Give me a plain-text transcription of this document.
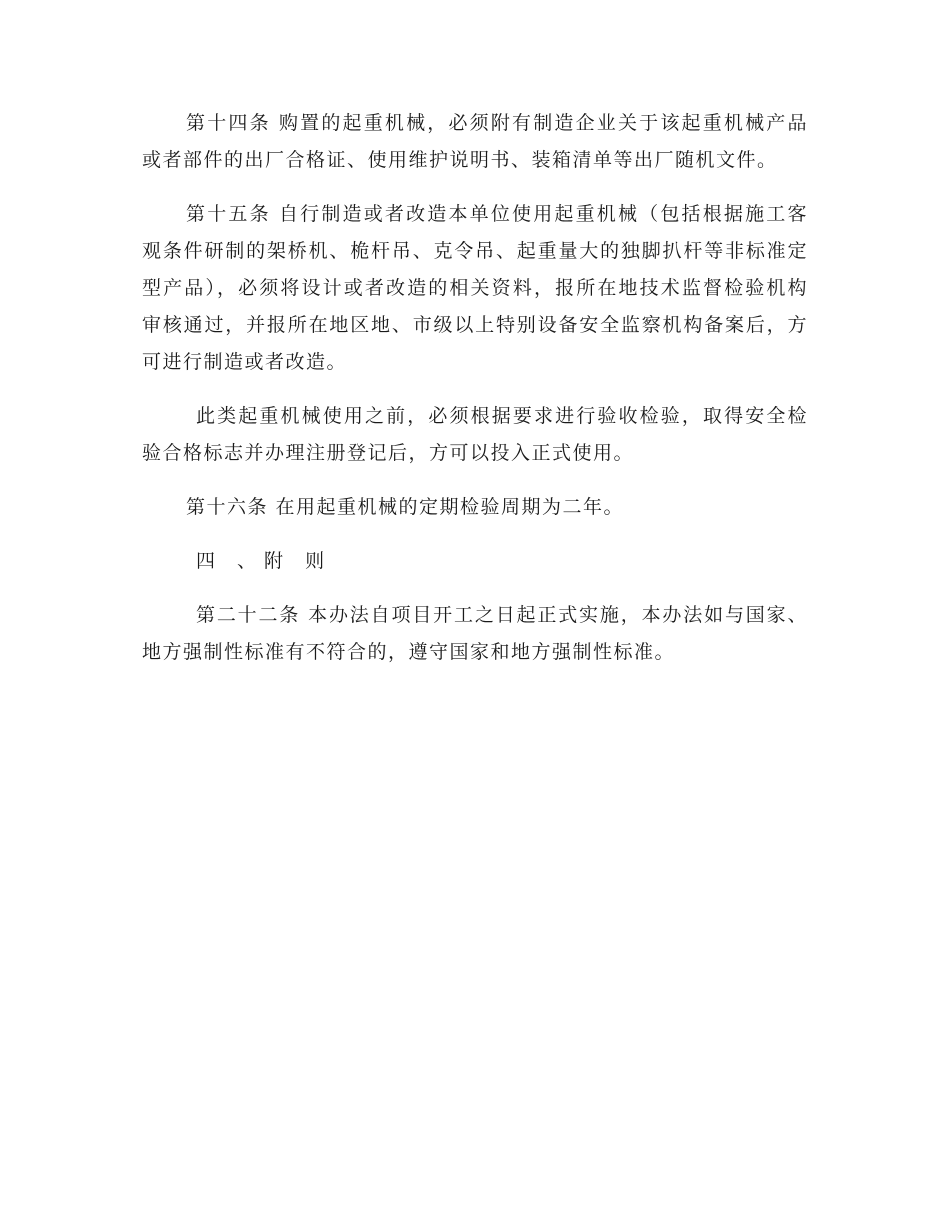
第十四条 购置的起重机械，必须附有制造企业关于该起重机械产品或者部件的出厂合格证、使用维护说明书、装箱清单等出厂随机文件。

第十五条 自行制造或者改造本单位使用起重机械（包括根据施工客观条件研制的架桥机、桅杆吊、克令吊、起重量大的独脚扒杆等非标准定型产品），必须将设计或者改造的相关资料，报所在地技术监督检验机构审核通过，并报所在地区地、市级以上特别设备安全监察机构备案后，方可进行制造或者改造。

此类起重机械使用之前，必须根据要求进行验收检验，取得安全检验合格标志并办理注册登记后，方可以投入正式使用。

第十六条 在用起重机械的定期检验周期为二年。

四 、附 则

第二十二条 本办法自项目开工之日起正式实施，本办法如与国家、地方强制性标准有不符合的，遵守国家和地方强制性标准。
